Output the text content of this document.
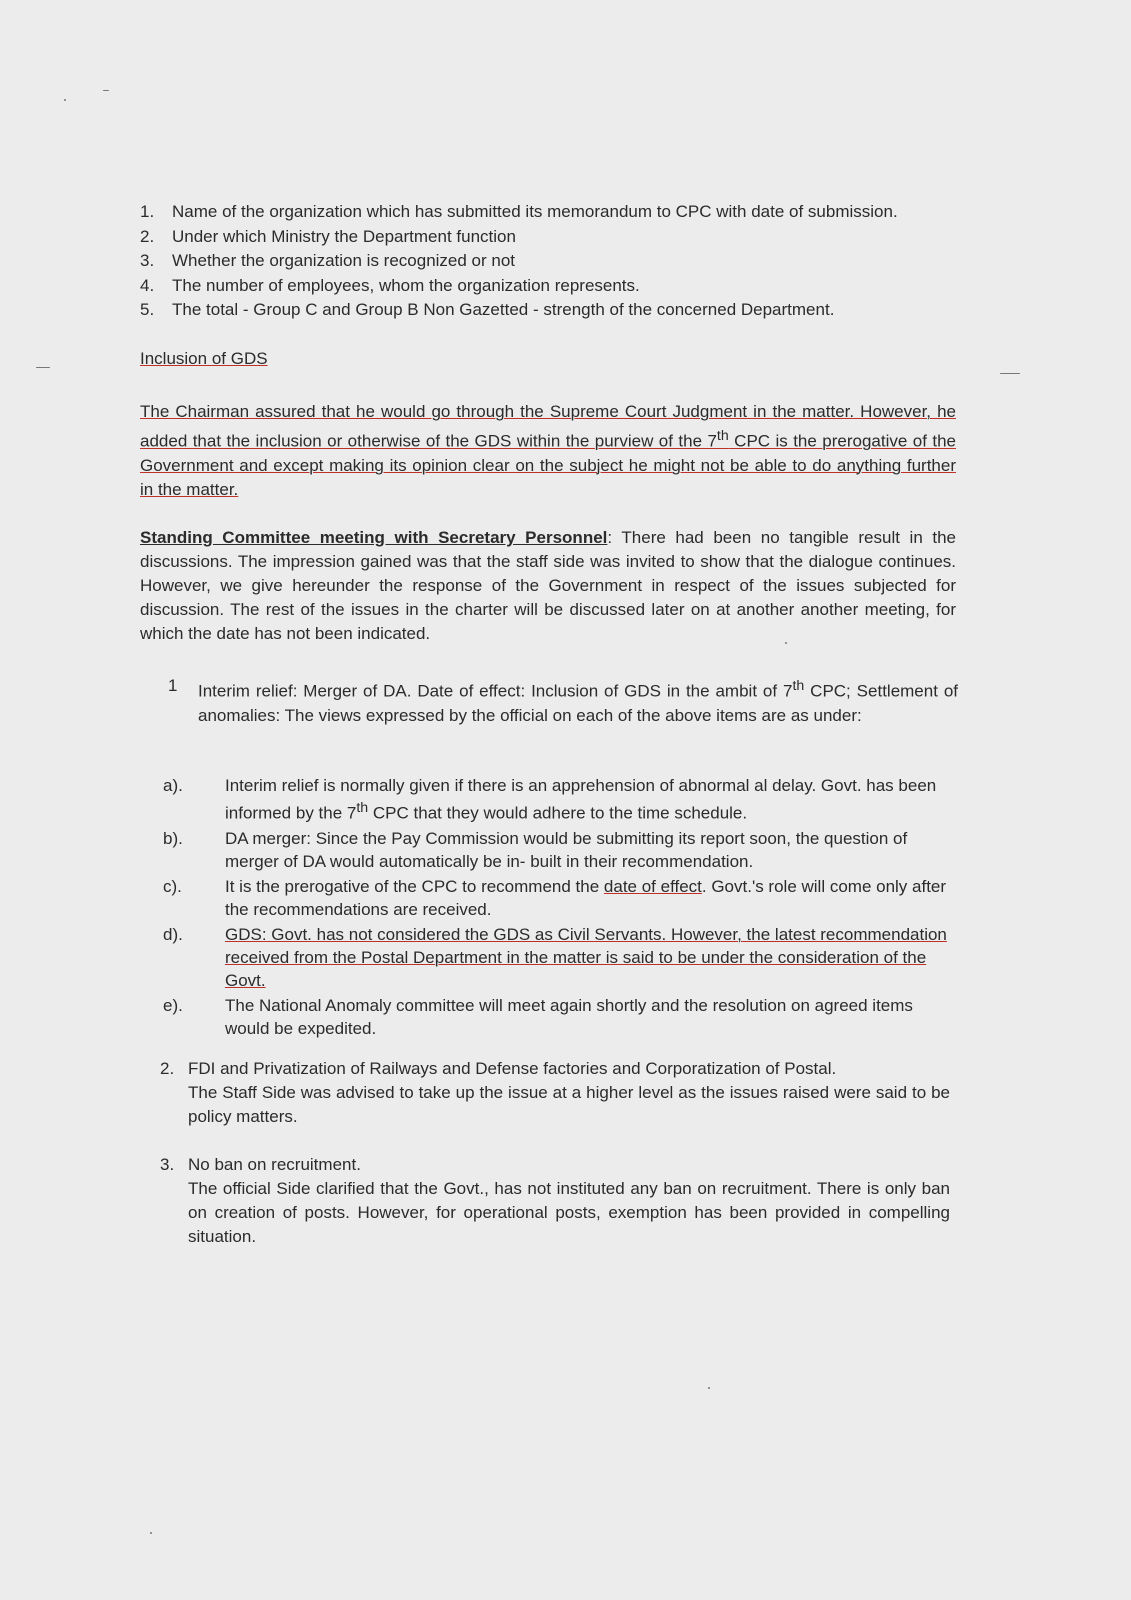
1.	Name of the organization which has submitted its memorandum to CPC with date of submission.
2.	Under which Ministry the Department function
3.	Whether the organization is recognized or not
4.	The number of employees, whom the organization represents.
5.	The total - Group C and Group B Non Gazetted - strength of the concerned Department.
Inclusion of GDS
The Chairman assured that he would go through the Supreme Court Judgment in the matter. However, he added that the inclusion or otherwise of the GDS within the purview of the 7th CPC is the prerogative of the Government and except making its opinion clear on the subject he might not be able to do anything further in the matter.
Standing Committee meeting with Secretary Personnel: There had been no tangible result in the discussions. The impression gained was that the staff side was invited to show that the dialogue continues. However, we give hereunder the response of the Government in respect of the issues subjected for discussion. The rest of the issues in the charter will be discussed later on at another another meeting, for which the date has not been indicated.
1	Interim relief: Merger of DA. Date of effect: Inclusion of GDS in the ambit of 7th CPC; Settlement of anomalies: The views expressed by the official on each of the above items are as under:
a).	Interim relief is normally given if there is an apprehension of abnormal al delay. Govt. has been informed by the 7th CPC that they would adhere to the time schedule.
b).	DA merger: Since the Pay Commission would be submitting its report soon, the question of merger of DA would automatically be in- built in their recommendation.
c).	It is the prerogative of the CPC to recommend the date of effect. Govt.'s role will come only after the recommendations are received.
d).	GDS: Govt. has not considered the GDS as Civil Servants. However, the latest recommendation received from the Postal Department in the matter is said to be under the consideration of the Govt.
e).	The National Anomaly committee will meet again shortly and the resolution on agreed items would be expedited.
2. FDI and Privatization of Railways and Defense factories and Corporatization of Postal.
The Staff Side was advised to take up the issue at a higher level as the issues raised were said to be policy matters.
3. No ban on recruitment.
The official Side clarified that the Govt., has not instituted any ban on recruitment. There is only ban on creation of posts. However, for operational posts, exemption has been provided in compelling situation.
